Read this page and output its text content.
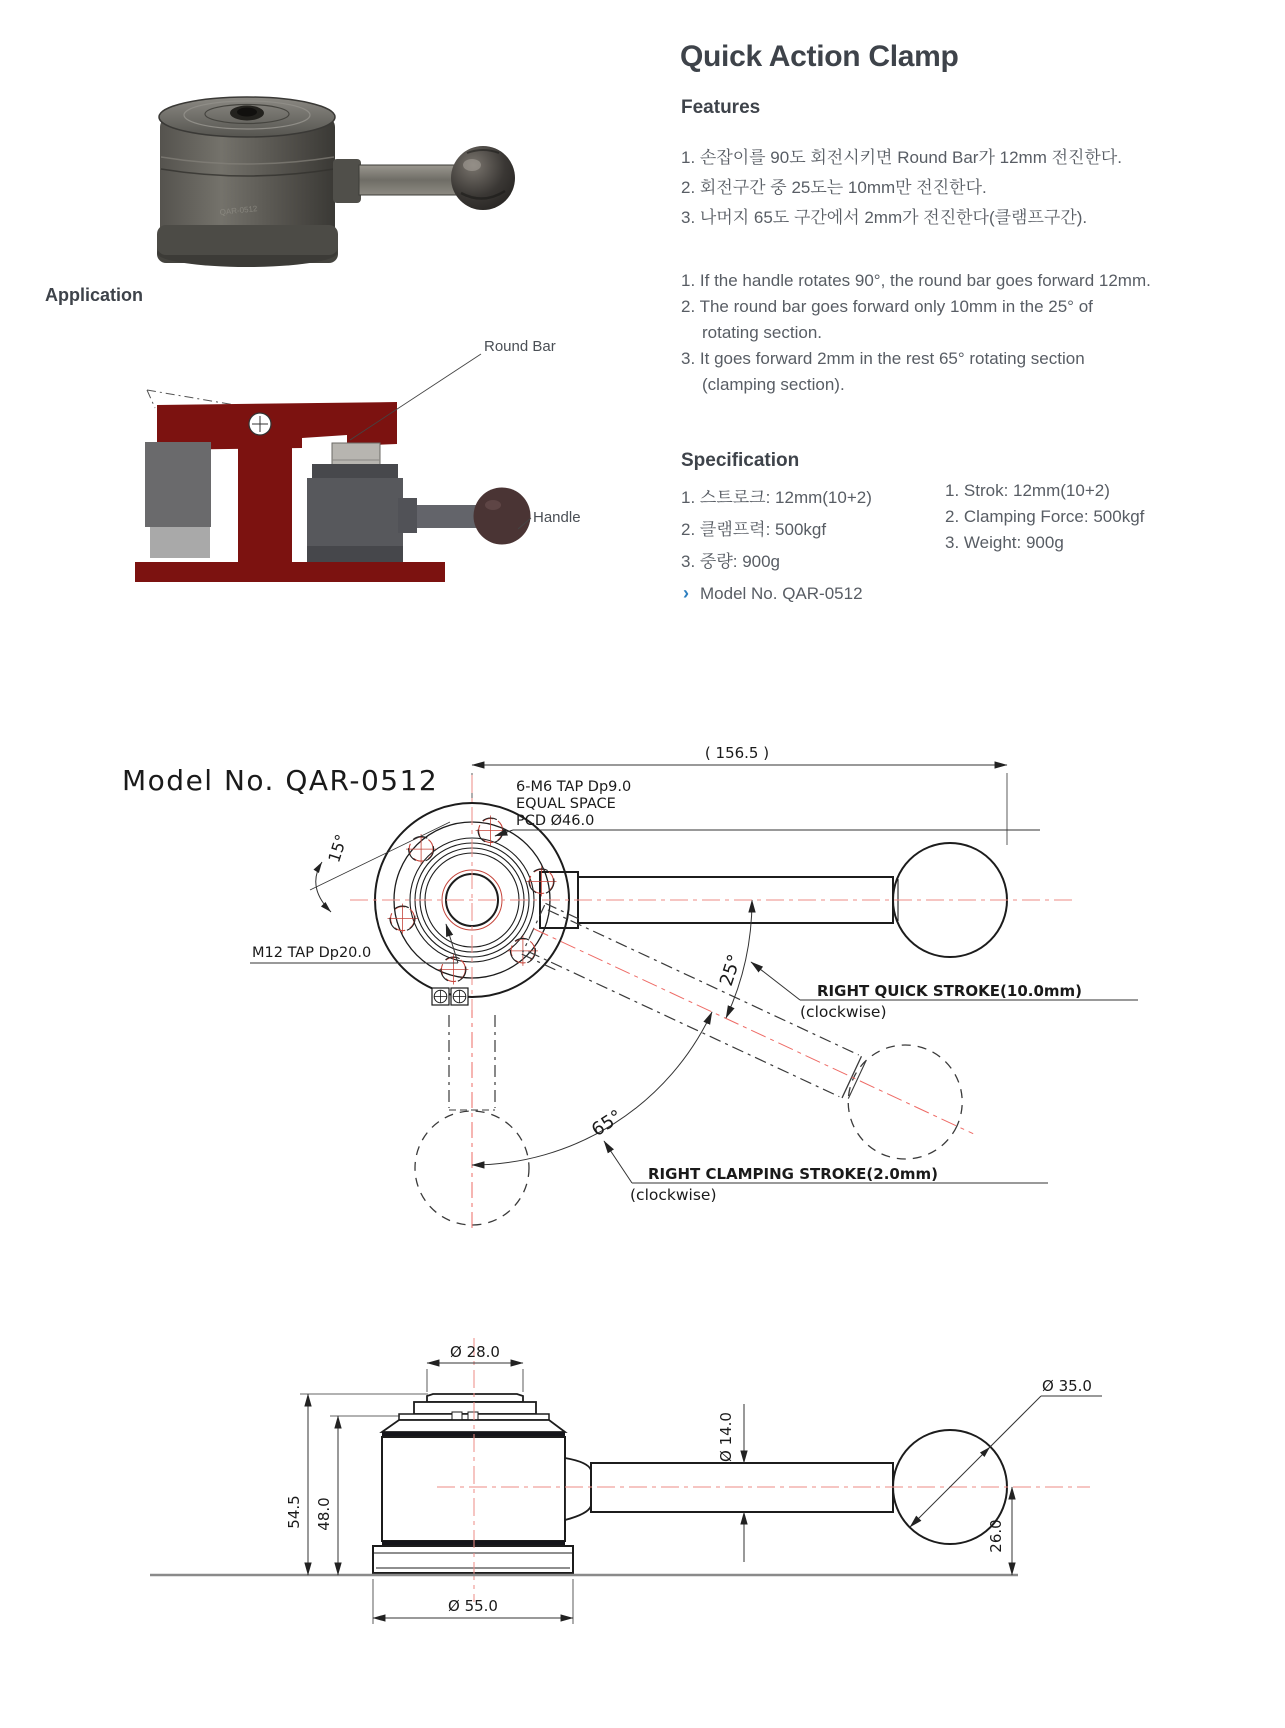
QAR-0512
Quick Action Clamp
Features
1. 손잡이를 90도 회전시키면 Round Bar가 12mm 전진한다.
2. 회전구간 중 25도는 10mm만 전진한다.
3. 나머지 65도 구간에서 2mm가 전진한다(클램프구간).
1. If the handle rotates 90°, the round bar goes forward 12mm.
2. The round bar goes forward only 10mm in the 25° of
rotating section.
3. It goes forward 2mm in the rest 65° rotating section
(clamping section).
Specification
1. 스트로크: 12mm(10+2)
2. 클램프력: 500kgf
3. 중량: 900g
1. Strok: 12mm(10+2)
2. Clamping Force: 500kgf
3. Weight: 900g
› Model No. QAR-0512
Application
Round Bar
Handle
Model No. QAR-0512
( 156.5 )
15°
6-M6 TAP Dp9.0
EQUAL SPACE
PCD Ø46.0
M12 TAP Dp20.0	25°
RIGHT QUICK STROKE(10.0mm)
(clockwise)
65°
RIGHT CLAMPING STROKE(2.0mm)
(clockwise)
Ø 28.0
54.5 48.0
Ø 55.0
Ø 14.0
26.0
Ø 35.0
